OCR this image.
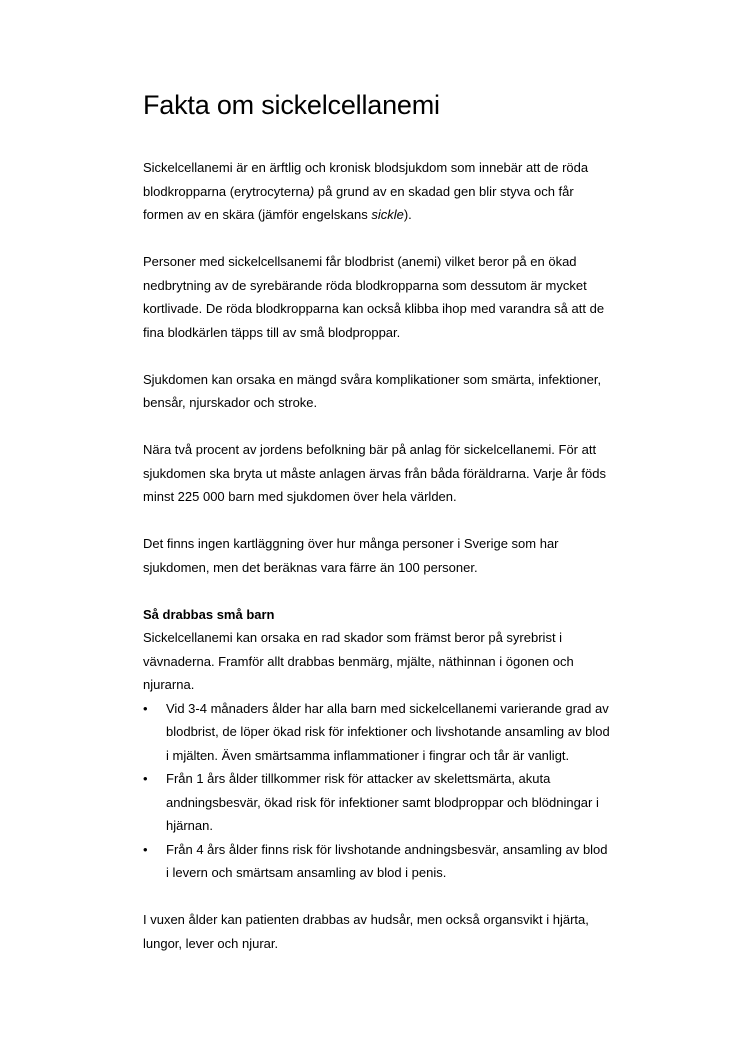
Fakta om sickelcellanemi

Sickelcellanemi är en ärftlig och kronisk blodsjukdom som innebär att de röda blodkropparna (erytrocyterna) på grund av en skadad gen blir styva och får formen av en skära (jämför engelskans sickle).

Personer med sickelcellsanemi får blodbrist (anemi) vilket beror på en ökad nedbrytning av de syrebärande röda blodkropparna som dessutom är mycket kortlivade. De röda blodkropparna kan också klibba ihop med varandra så att de fina blodkärlen täpps till av små blodproppar.

Sjukdomen kan orsaka en mängd svåra komplikationer som smärta, infektioner, bensår, njurskador och stroke.

Nära två procent av jordens befolkning bär på anlag för sickelcellanemi. För att sjukdomen ska bryta ut måste anlagen ärvas från båda föräldrarna. Varje år föds minst 225 000 barn med sjukdomen över hela världen.

Det finns ingen kartläggning över hur många personer i Sverige som har sjukdomen, men det beräknas vara färre än 100 personer.

Så drabbas små barn

Sickelcellanemi kan orsaka en rad skador som främst beror på syrebrist i vävnaderna. Framför allt drabbas benmärg, mjälte, näthinnan i ögonen och njurarna.

• Vid 3-4 månaders ålder har alla barn med sickelcellanemi varierande grad av blodbrist, de löper ökad risk för infektioner och livshotande ansamling av blod i mjälten. Även smärtsamma inflammationer i fingrar och tår är vanligt.
• Från 1 års ålder tillkommer risk för attacker av skelettsmärta, akuta andningsbesvär, ökad risk för infektioner samt blodproppar och blödningar i hjärnan.
• Från 4 års ålder finns risk för livshotande andningsbesvär, ansamling av blod i levern och smärtsam ansamling av blod i penis.

I vuxen ålder kan patienten drabbas av hudsår, men också organsvikt i hjärta, lungor, lever och njurar.
